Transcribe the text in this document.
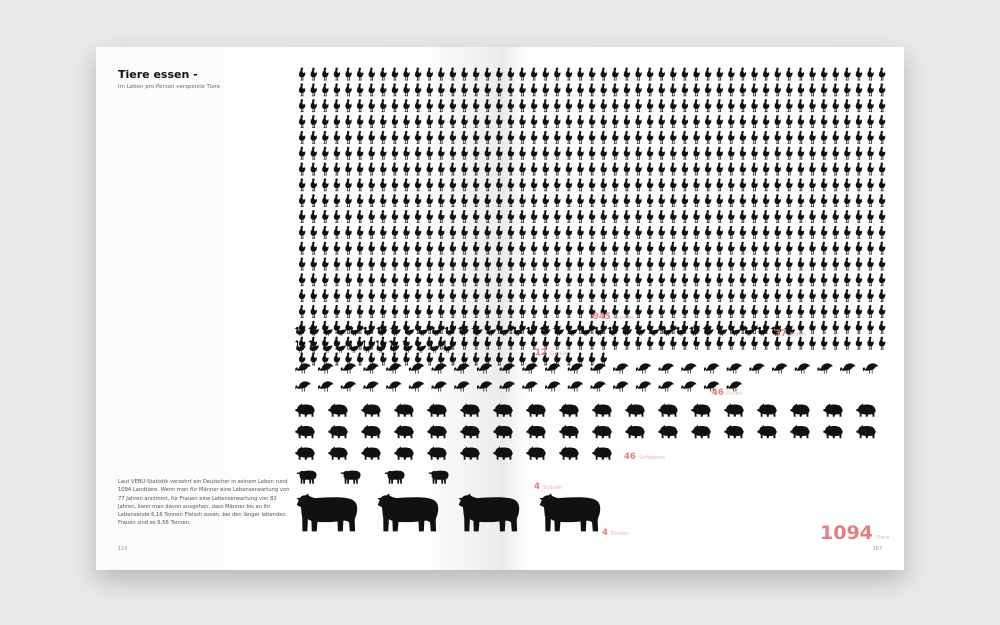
Tiere essen -

Im Leben pro Person verspeiste Tiere

Laut VEBU-Statistik verzehrt ein Deutscher in seinem Leben rund 1094 Landtiere. Wenn man für Männer eine Lebenserwartung von 77 Jahren annimmt, für Frauen eine Lebenserwartung von 82 Jahren, kann man davon ausgehen, dass Männer bis an ihr Lebensende 6,16 Tonnen Fleisch essen, bei den länger lebenden Frauen sind es 6,56 Tonnen.

110	167
945 Hühner
37 Enten
12 Gänse
46 Puten
46 Schweine
4 Schafe
4 Rinder	1094 Tiere
